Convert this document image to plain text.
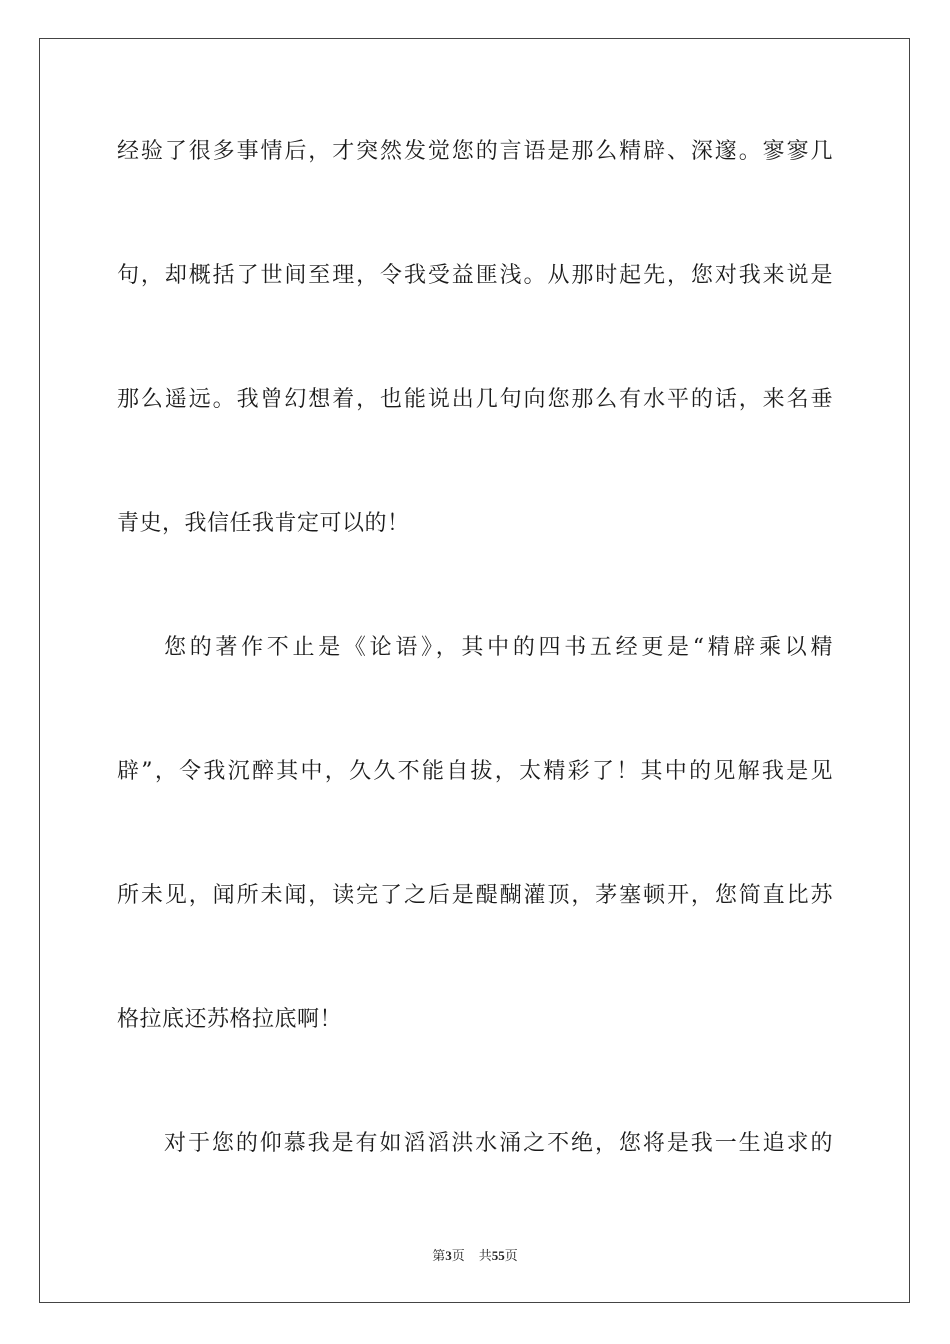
经验了很多事情后，才突然发觉您的言语是那么精辟、深邃。寥寥几
句，却概括了世间至理，令我受益匪浅。从那时起先，您对我来说是
那么遥远。我曾幻想着，也能说出几句向您那么有水平的话，来名垂
青史，我信任我肯定可以的！
您的著作不止是《论语》，其中的四书五经更是“精辟乘以精
辟”，令我沉醉其中，久久不能自拔，太精彩了！其中的见解我是见
所未见，闻所未闻，读完了之后是醍醐灌顶，茅塞顿开，您简直比苏
格拉底还苏格拉底啊！
对于您的仰慕我是有如滔滔洪水涌之不绝，您将是我一生追求的
第3页 共55页
